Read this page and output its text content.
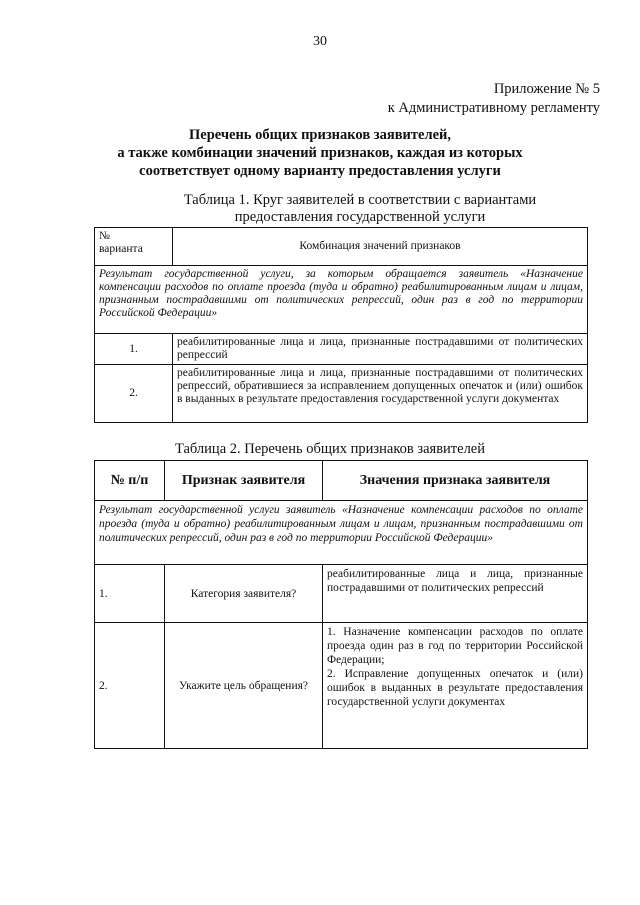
30
Приложение № 5
к Административному регламенту
Перечень общих признаков заявителей,
а также комбинации значений признаков, каждая из которых
соответствует одному варианту предоставления услуги
Таблица 1. Круг заявителей в соответствии с вариантами
предоставления государственной услуги
№
варианта	Комбинация значений признаков
Результат государственной услуги, за которым обращается заявитель «Назначение компенсации расходов по оплате проезда (туда и обратно) реабилитированным лицам и лицам, признанным пострадавшими от политических репрессий, один раз в год по территории Российской Федерации»	
1.	реабилитированные лица и лица, признанные пострадавшими от политических репрессий
2.	реабилитированные лица и лица, признанные пострадавшими от политических репрессий, обратившиеся за исправлением допущенных опечаток и (или) ошибок в выданных в результате предоставления государственной услуги документах
Таблица 2. Перечень общих признаков заявителей
№ п/п	Признак заявителя	Значения признака заявителя
Результат государственной услуги заявитель «Назначение компенсации расходов по оплате проезда (туда и обратно) реабилитированным лицам и лицам, признанным пострадавшими от политических репрессий, один раз в год по территории Российской Федерации»		
1.	Категория заявителя?	реабилитированные лица и лица, признанные пострадавшими от политических репрессий

2.	Укажите цель обращения?	1. Назначение компенсации расходов по оплате проезда один раз в год по территории Российской Федерации;
2. Исправление допущенных опечаток и (или) ошибок в выданных в результате предоставления государственной услуги документах
